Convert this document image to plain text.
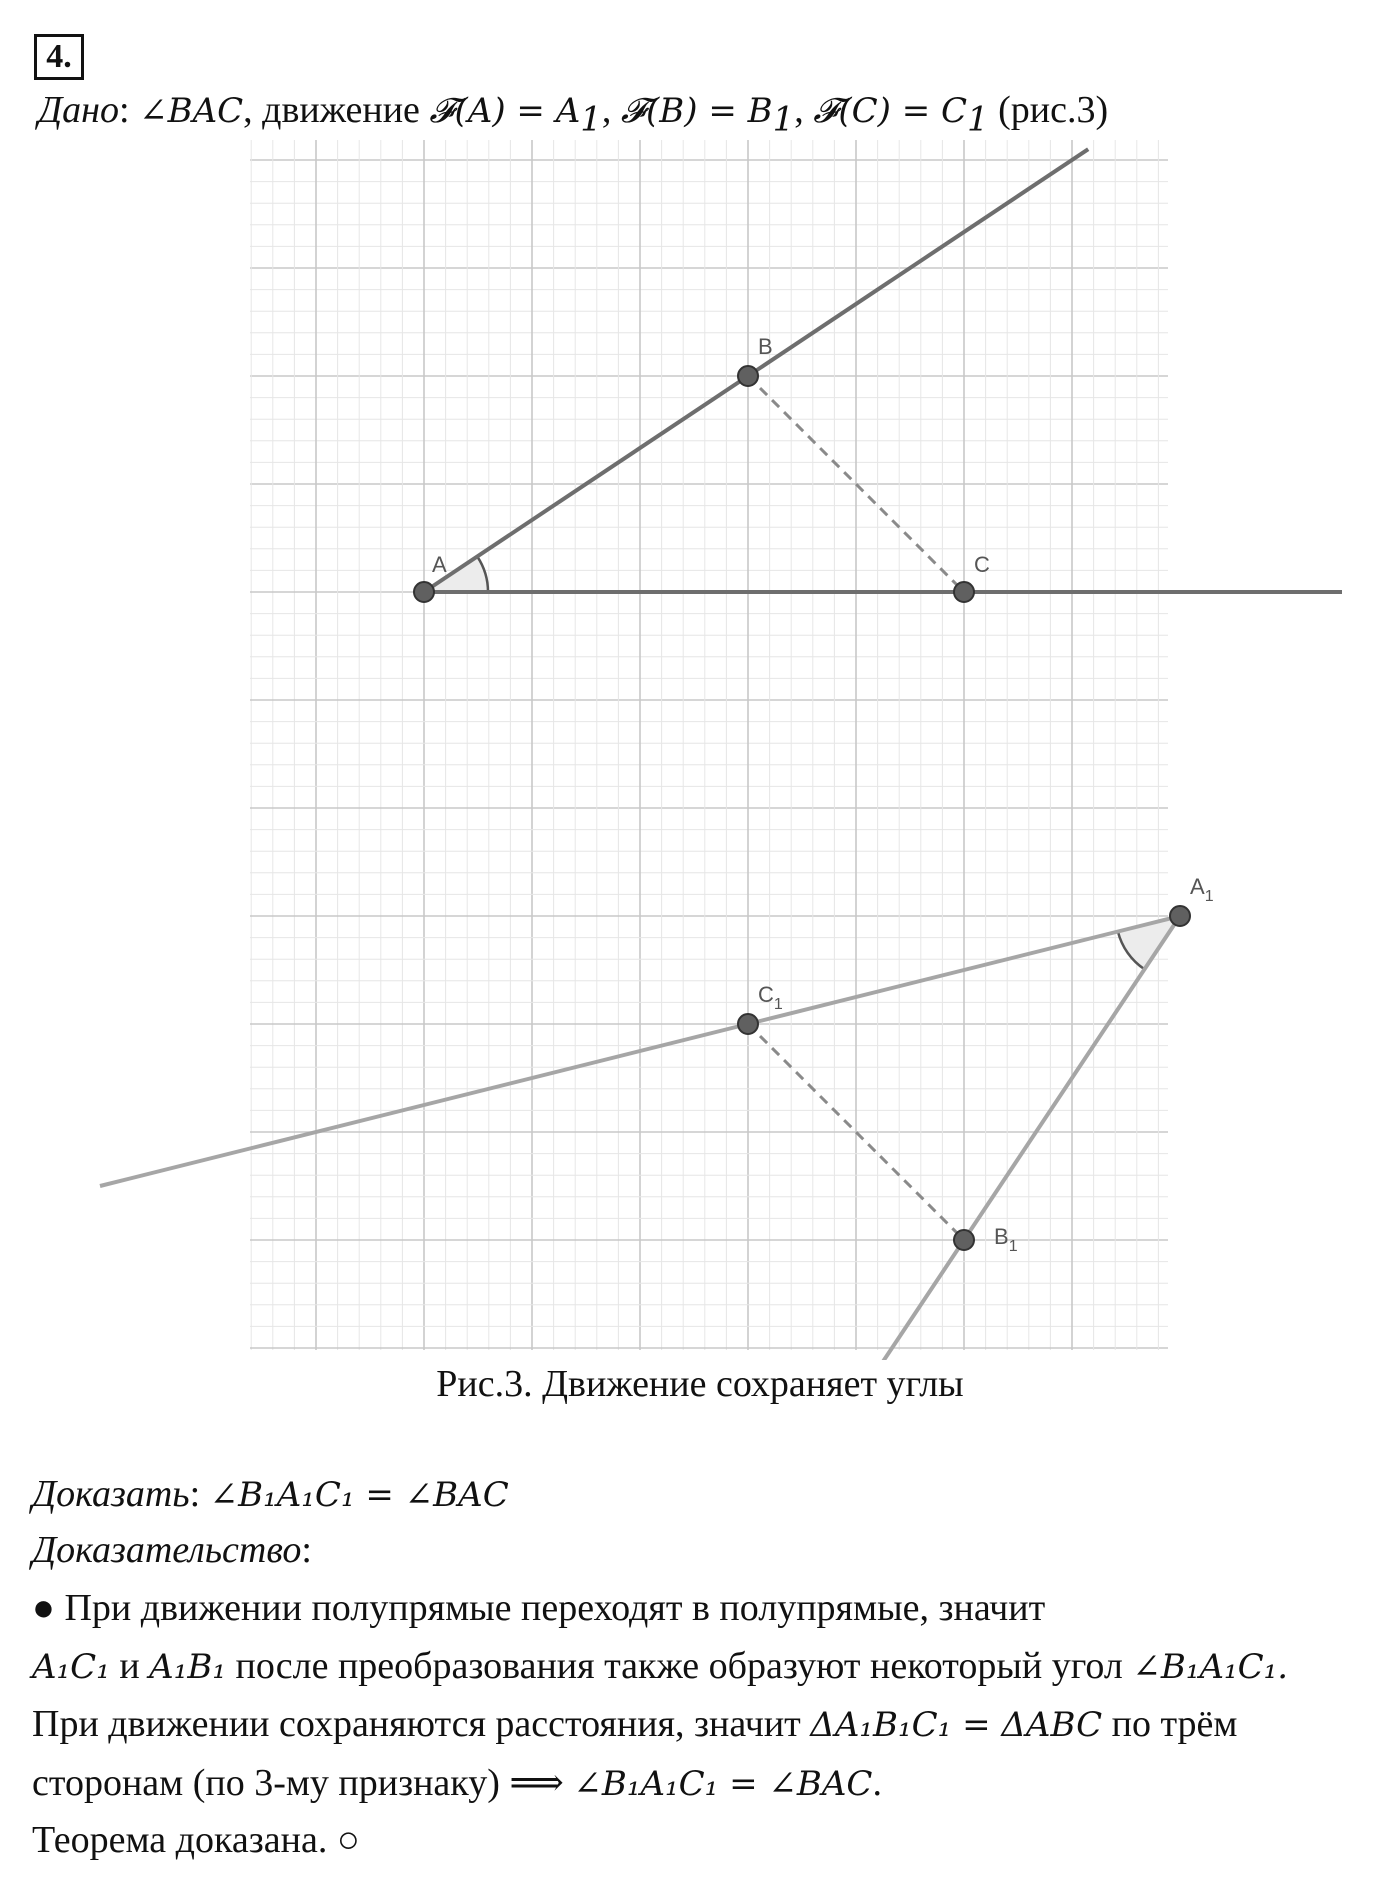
4.
Дано: ∠BAC, движение 𝓕(A) = $A_1$, 𝓕(B) = $B_1$, 𝓕(C) = $C_1$ (рис.3)
A
B
C
$A_1$
$C_1$
$B_1$
Рис.3. Движение сохраняет углы
Доказать: ∠B₁A₁C₁ = ∠BAC
Доказательство:
● При движении полупрямые переходят в полупрямые, значит
A₁C₁ и A₁B₁ после преобразования также образуют некоторый угол ∠B₁A₁C₁.
При движении сохраняются расстояния, значит ΔA₁B₁C₁ = ΔABC по трём
сторонам (по 3-му признаку) ⟹ ∠B₁A₁C₁ = ∠BAC.
Теорема доказана. ○
